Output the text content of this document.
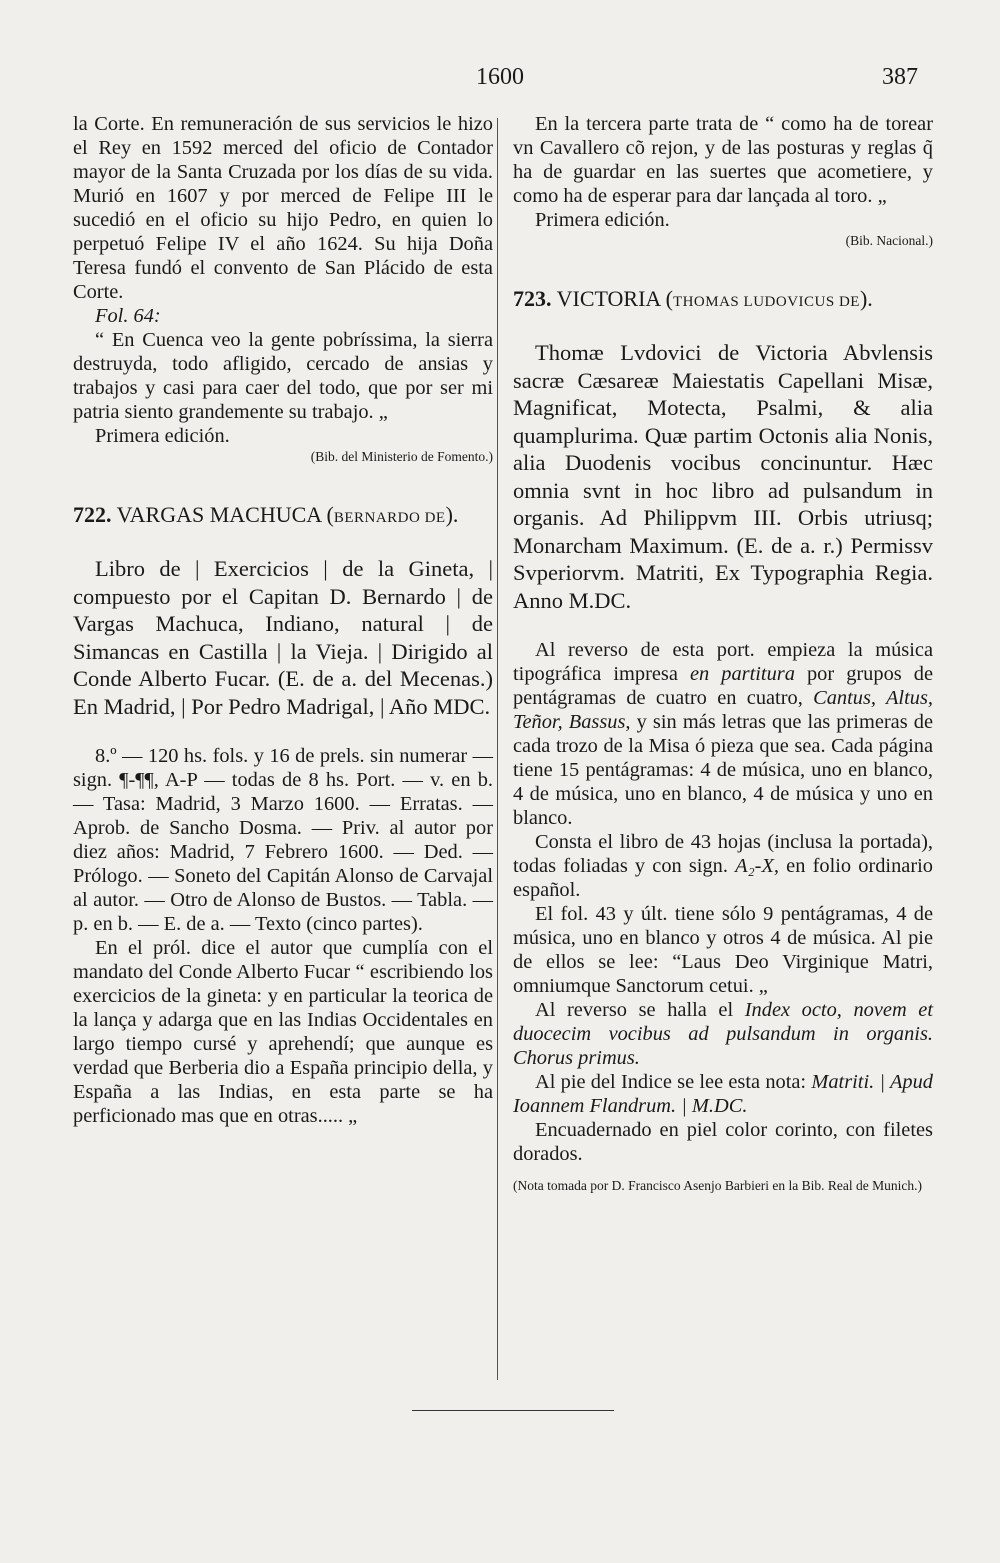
1600	387

la Corte. En remuneración de sus servicios le hizo el Rey en 1592 merced del oficio de Contador mayor de la Santa Cruzada por los días de su vida. Murió en 1607 y por merced de Felipe III le sucedió en el oficio su hijo Pedro, en quien lo perpetuó Felipe IV el año 1624. Su hija Doña Teresa fundó el convento de San Plácido de esta Corte.

Fol. 64:

“ En Cuenca veo la gente pobríssima, la sierra destruyda, todo afligido, cercado de ansias y trabajos y casi para caer del todo, que por ser mi patria siento grandemente su trabajo. „

Primera edición.

(Bib. del Ministerio de Fomento.)

722. VARGAS MACHUCA (BERNARDO DE).

Libro de | Exercicios | de la Gineta, | compuesto por el Capitan D. Bernardo | de Vargas Machuca, Indiano, natural | de Simancas en Castilla | la Vieja. | Dirigido al Conde Alberto Fucar. (E. de a. del Mecenas.) En Madrid, | Por Pedro Madrigal, | Año MDC.

8.º — 120 hs. fols. y 16 de prels. sin numerar — sign. ¶-¶¶, A-P — todas de 8 hs. Port. — v. en b. — Tasa: Madrid, 3 Marzo 1600. — Erratas. — Aprob. de Sancho Dosma. — Priv. al autor por diez años: Madrid, 7 Febrero 1600. — Ded. — Prólogo. — Soneto del Capitán Alonso de Carvajal al autor. — Otro de Alonso de Bustos. — Tabla. — p. en b. — E. de a. — Texto (cinco partes).

En el pról. dice el autor que cumplía con el mandato del Conde Alberto Fucar “ escribiendo los exercicios de la gineta: y en particular la teorica de la lança y adarga que en las Indias Occidentales en largo tiempo cursé y aprehendí; que aunque es verdad que Berberia dio a España principio della, y España a las Indias, en esta parte se ha perficionado mas que en otras..... „

En la tercera parte trata de “ como ha de torear vn Cavallero cõ rejon, y de las posturas y reglas q̃ ha de guardar en las suertes que acometiere, y como ha de esperar para dar lançada al toro. „

Primera edición.

(Bib. Nacional.)

723. VICTORIA (THOMAS LUDOVICUS DE).

Thomæ Lvdovici de Victoria Abvlensis sacræ Cæsareæ Maiestatis Capellani Misæ, Magnificat, Motecta, Psalmi, & alia quamplurima. Quæ partim Octonis alia Nonis, alia Duodenis vocibus concinuntur. Hæc omnia svnt in hoc libro ad pulsandum in organis. Ad Philippvm III. Orbis utriusq; Monarcham Maximum. (E. de a. r.) Permissv Svperiorvm. Matriti, Ex Typographia Regia. Anno M.DC.

Al reverso de esta port. empieza la música tipográfica impresa en partitura por grupos de pentágramas de cuatro en cuatro, Cantus, Altus, Teñor, Bassus, y sin más letras que las primeras de cada trozo de la Misa ó pieza que sea. Cada página tiene 15 pentágramas: 4 de música, uno en blanco, 4 de música, uno en blanco, 4 de música y uno en blanco.

Consta el libro de 43 hojas (inclusa la portada), todas foliadas y con sign. A₂-X, en folio ordinario español.

El fol. 43 y últ. tiene sólo 9 pentágramas, 4 de música, uno en blanco y otros 4 de música. Al pie de ellos se lee: “Laus Deo Virginique Matri, omniumque Sanctorum cetui. „

Al reverso se halla el Index octo, novem et duocecim vocibus ad pulsandum in organis. Chorus primus.

Al pie del Indice se lee esta nota: Matriti. | Apud Ioannem Flandrum. | M.DC.

Encuadernado en piel color corinto, con filetes dorados.

(Nota tomada por D. Francisco Asenjo Barbieri en la Bib. Real de Munich.)
